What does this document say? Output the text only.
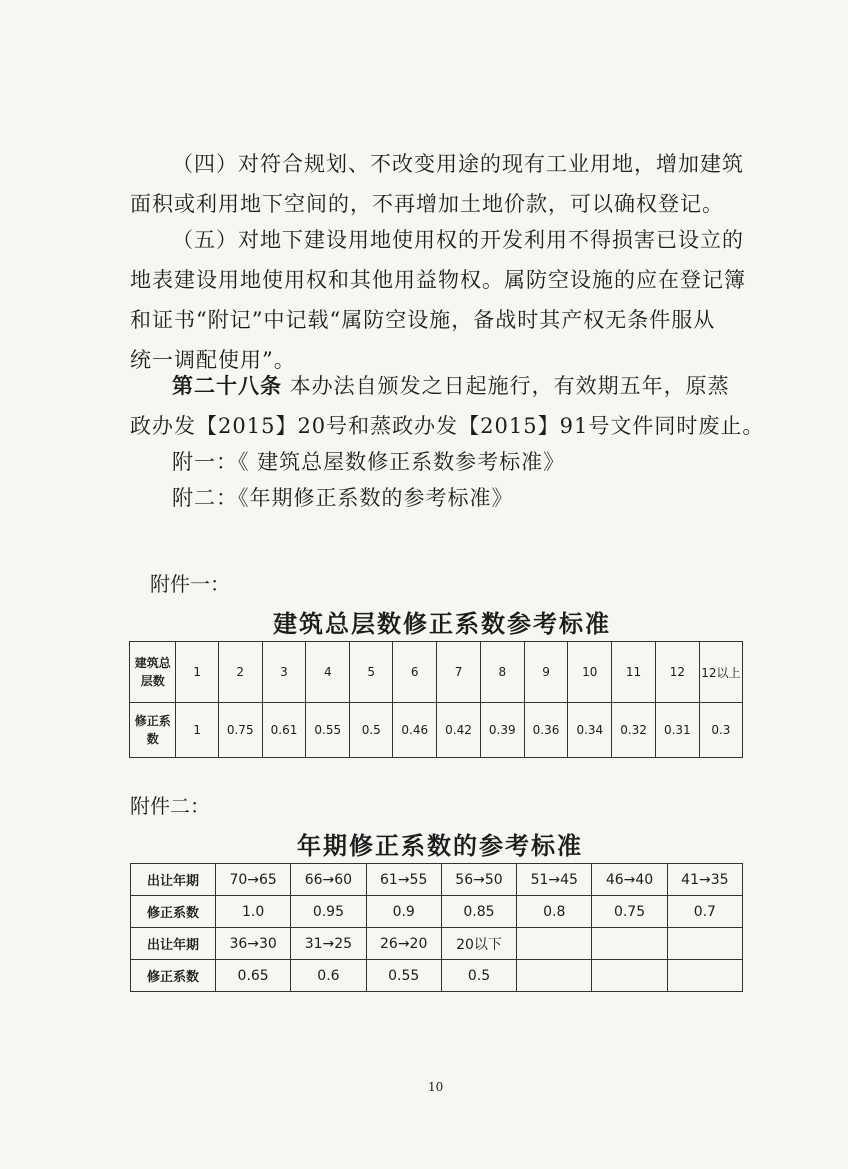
（四）对符合规划、不改变用途的现有工业用地，增加建筑
面积或利用地下空间的，不再增加土地价款，可以确权登记。
（五）对地下建设用地使用权的开发利用不得损害已设立的
地表建设用地使用权和其他用益物权。属防空设施的应在登记簿
和证书“附记”中记载“属防空设施，备战时其产权无条件服从
统一调配使用”。
第二十八条 本办法自颁发之日起施行，有效期五年，原蒸
政办发【2015】20号和蒸政办发【2015】91号文件同时废止。
附一：《 建筑总屋数修正系数参考标准》
附二：《年期修正系数的参考标准》
附件一：
建筑总层数修正系数参考标准
建筑总层数	1	2	3	4	5	6	7	8	9	10	11	12	12以上
修正系数	1	0.75	0.61	0.55	0.5	0.46	0.42	0.39	0.36	0.34	0.32	0.31	0.3
附件二：
年期修正系数的参考标准
出让年期	70→65	66→60	61→55	56→50	51→45	46→40	41→35
修正系数	1.0	0.95	0.9	0.85	0.8	0.75	0.7
出让年期	36→30	31→25	26→20	20以下			
修正系数	0.65	0.6	0.55	0.5			
10
